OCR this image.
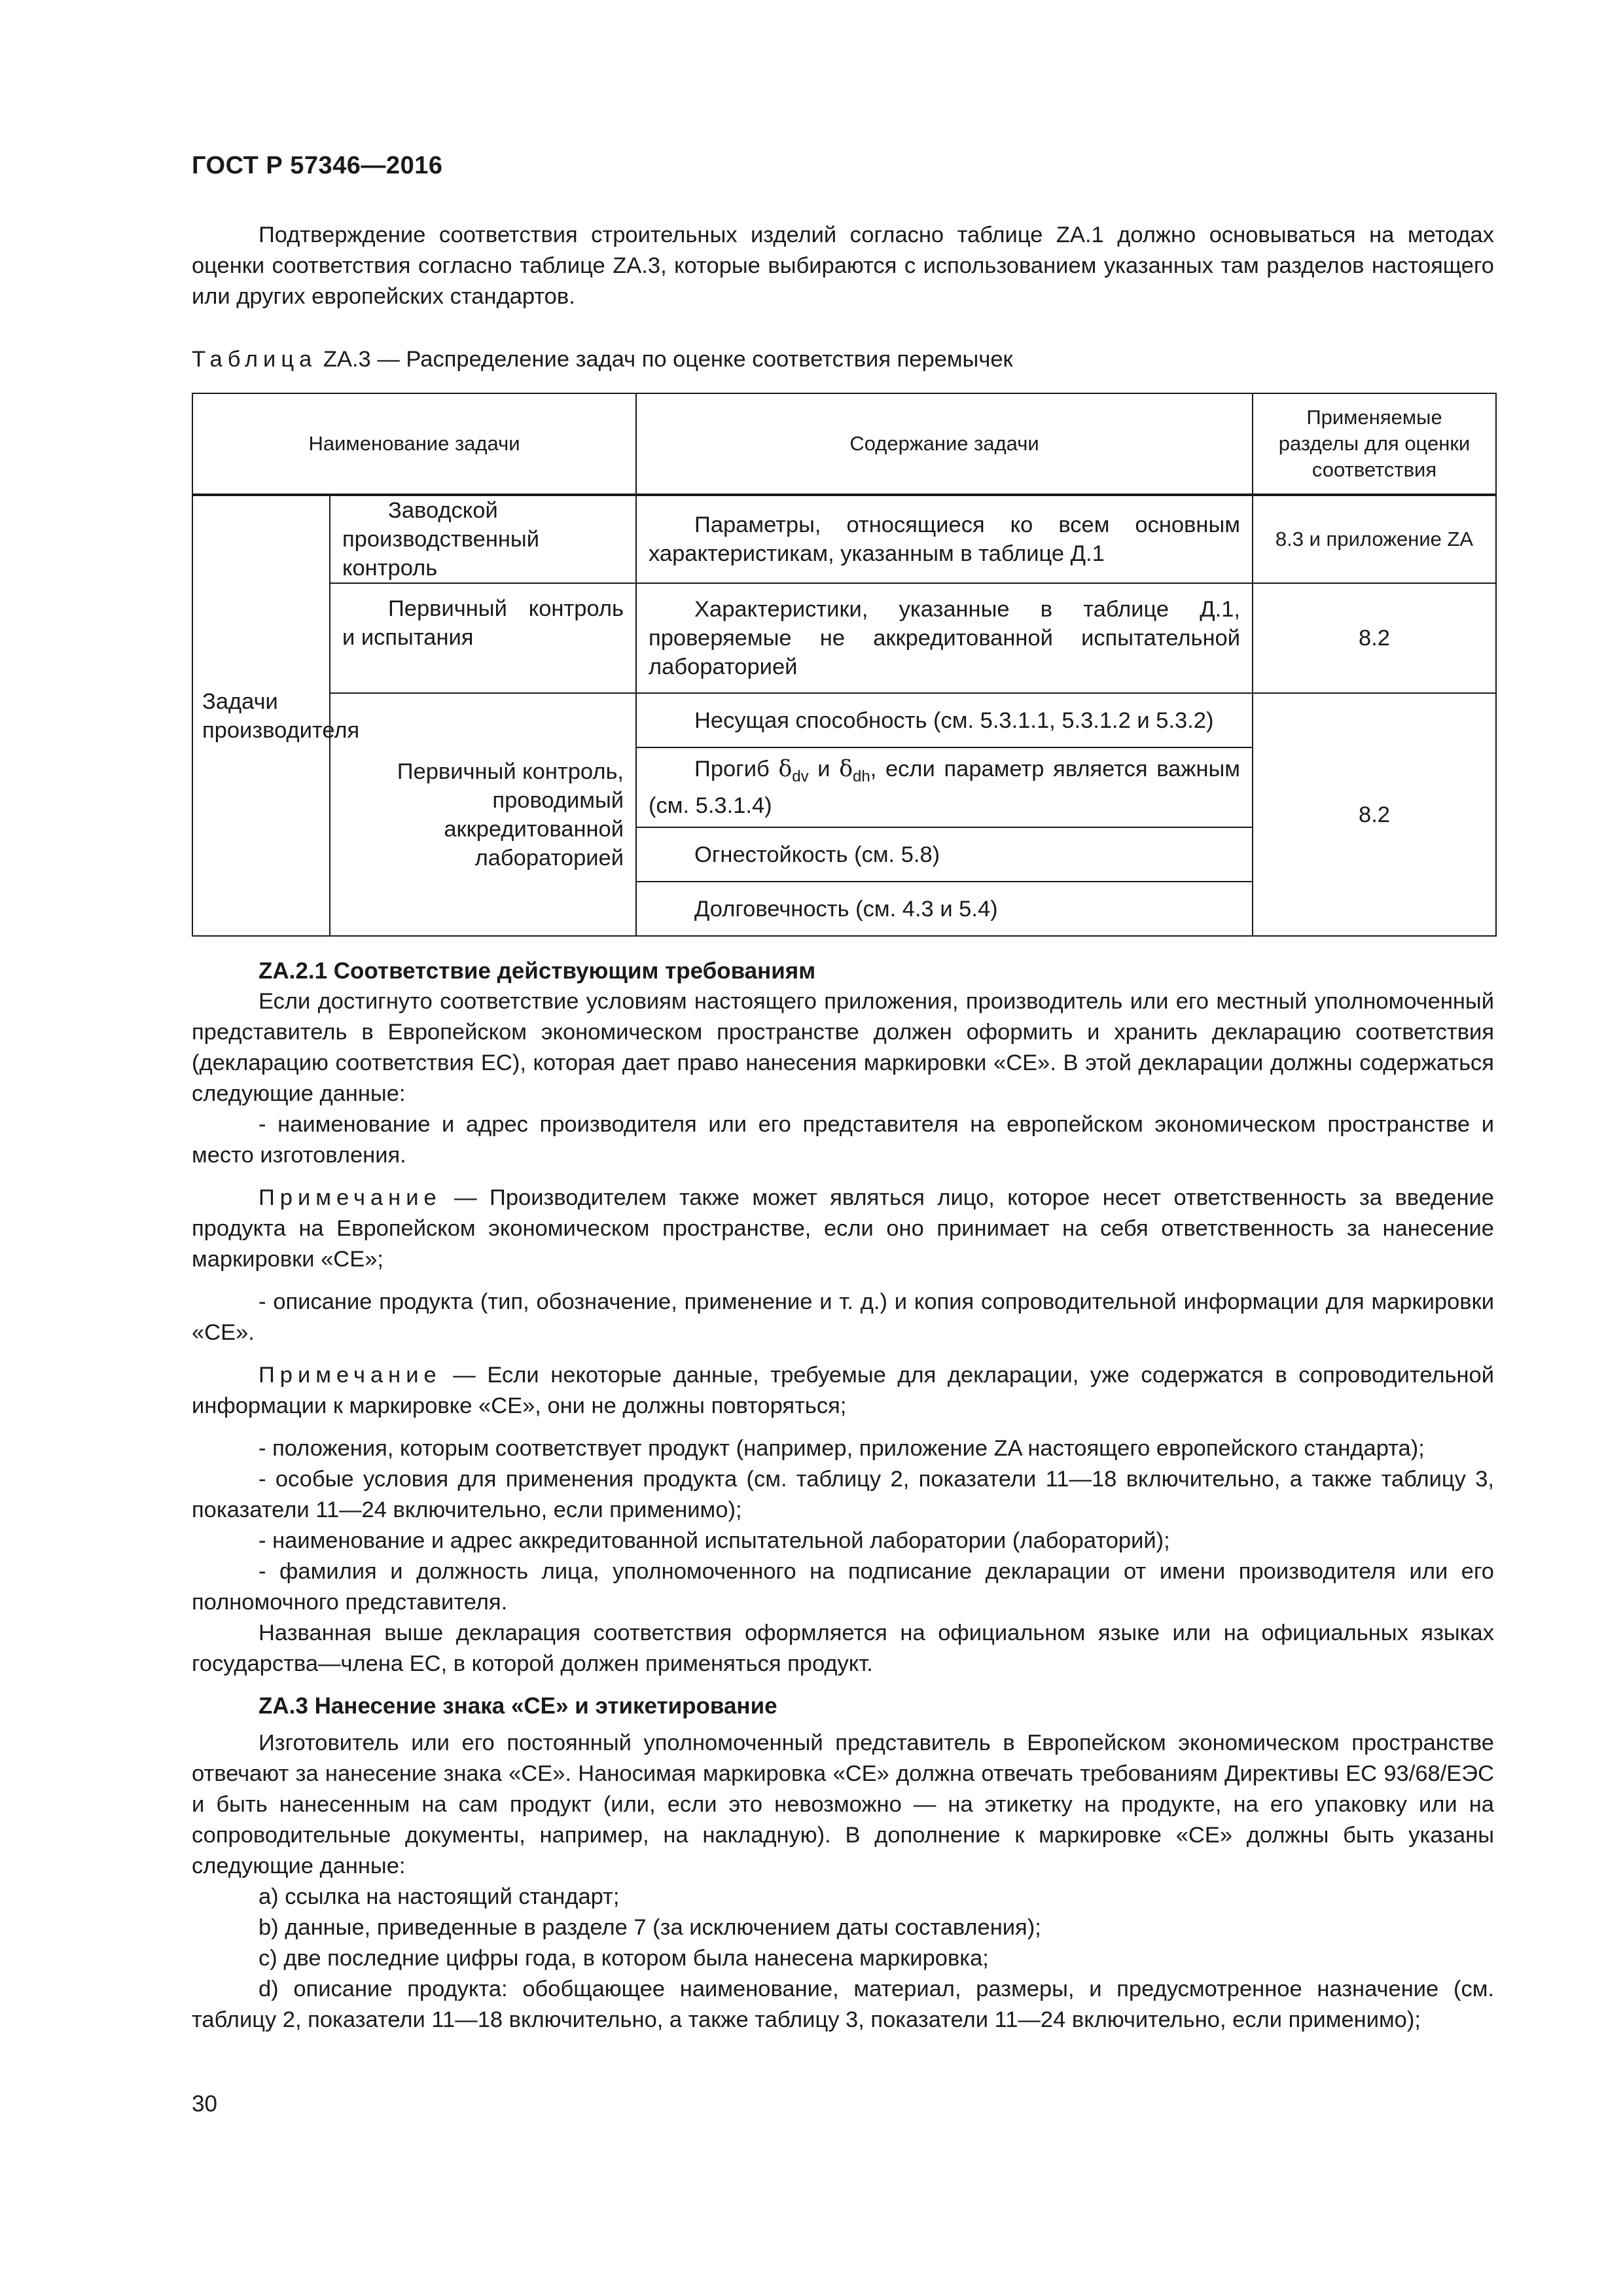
ГОСТ Р 57346—2016
Подтверждение соответствия строительных изделий согласно таблице ZA.1 должно основываться на методах оценки соответствия согласно таблице ZA.3, которые выбираются с использованием указанных там разделов настоящего или других европейских стандартов.
Таблица ZA.3 — Распределение задач по оценке соответствия перемычек
Наименование задачи		Содержание задачи	Применяемые разделы для оценки соответствия
Задачи производителя	Заводской производственный контроль	Параметры, относящиеся ко всем основным характеристикам, указанным в таблице Д.1	8.3 и приложение ZA
	Первичный контроль и испытания	Характеристики, указанные в таблице Д.1, проверяемые не аккредитованной испытательной лабораторией	8.2
	Первичный контроль, проводимый аккредитованной лабораторией	Несущая способность (см. 5.3.1.1, 5.3.1.2 и 5.3.2)	8.2
		Прогиб $\delta_{dv}$ и $\delta_{dh}$, если параметр является важным (см. 5.3.1.4)	
		Огнестойкость (см. 5.8)	
		Долговечность (см. 4.3 и 5.4)	
ZA.2.1 Соответствие действующим требованиям
Если достигнуто соответствие условиям настоящего приложения, производитель или его местный уполномоченный представитель в Европейском экономическом пространстве должен оформить и хранить декларацию соответствия (декларацию соответствия ЕС), которая дает право нанесения маркировки «СЕ». В этой декларации должны содержаться следующие данные:
- наименование и адрес производителя или его представителя на европейском экономическом пространстве и место изготовления.
Примечание — Производителем также может являться лицо, которое несет ответственность за введение продукта на Европейском экономическом пространстве, если оно принимает на себя ответственность за нанесение маркировки «СЕ»;
- описание продукта (тип, обозначение, применение и т. д.) и копия сопроводительной информации для маркировки «СЕ».
Примечание — Если некоторые данные, требуемые для декларации, уже содержатся в сопроводительной информации к маркировке «СЕ», они не должны повторяться;
- положения, которым соответствует продукт (например, приложение ZA настоящего европейского стандарта);
- особые условия для применения продукта (см. таблицу 2, показатели 11—18 включительно, а также таблицу 3, показатели 11—24 включительно, если применимо);
- наименование и адрес аккредитованной испытательной лаборатории (лабораторий);
- фамилия и должность лица, уполномоченного на подписание декларации от имени производителя или его полномочного представителя.
Названная выше декларация соответствия оформляется на официальном языке или на официальных языках государства—члена ЕС, в которой должен применяться продукт.
ZA.3 Нанесение знака «СЕ» и этикетирование
Изготовитель или его постоянный уполномоченный представитель в Европейском экономическом пространстве отвечают за нанесение знака «СЕ». Наносимая маркировка «СЕ» должна отвечать требованиям Директивы ЕС 93/68/ЕЭС и быть нанесенным на сам продукт (или, если это невозможно — на этикетку на продукте, на его упаковку или на сопроводительные документы, например, на накладную). В дополнение к маркировке «СЕ» должны быть указаны следующие данные:
a) ссылка на настоящий стандарт;
b) данные, приведенные в разделе 7 (за исключением даты составления);
c) две последние цифры года, в котором была нанесена маркировка;
d) описание продукта: обобщающее наименование, материал, размеры, и предусмотренное назначение (см. таблицу 2, показатели 11—18 включительно, а также таблицу 3, показатели 11—24 включительно, если применимо);
30
